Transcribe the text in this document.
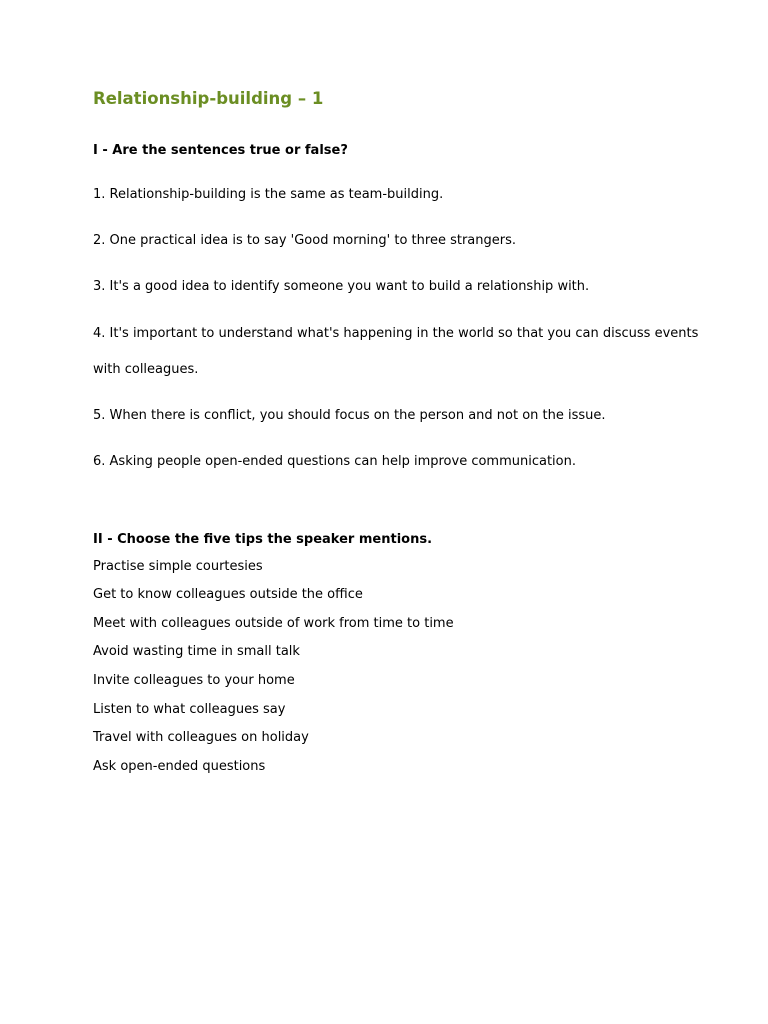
Relationship-building – 1

I - Are the sentences true or false?

1. Relationship-building is the same as team-building.

2. One practical idea is to say 'Good morning' to three strangers.

3. It's a good idea to identify someone you want to build a relationship with.

4. It's important to understand what's happening in the world so that you can discuss events

with colleagues.

5. When there is conflict, you should focus on the person and not on the issue.

6. Asking people open-ended questions can help improve communication.

II - Choose the five tips the speaker mentions.

Practise simple courtesies

Get to know colleagues outside the office

Meet with colleagues outside of work from time to time

Avoid wasting time in small talk

Invite colleagues to your home

Listen to what colleagues say

Travel with colleagues on holiday

Ask open-ended questions
